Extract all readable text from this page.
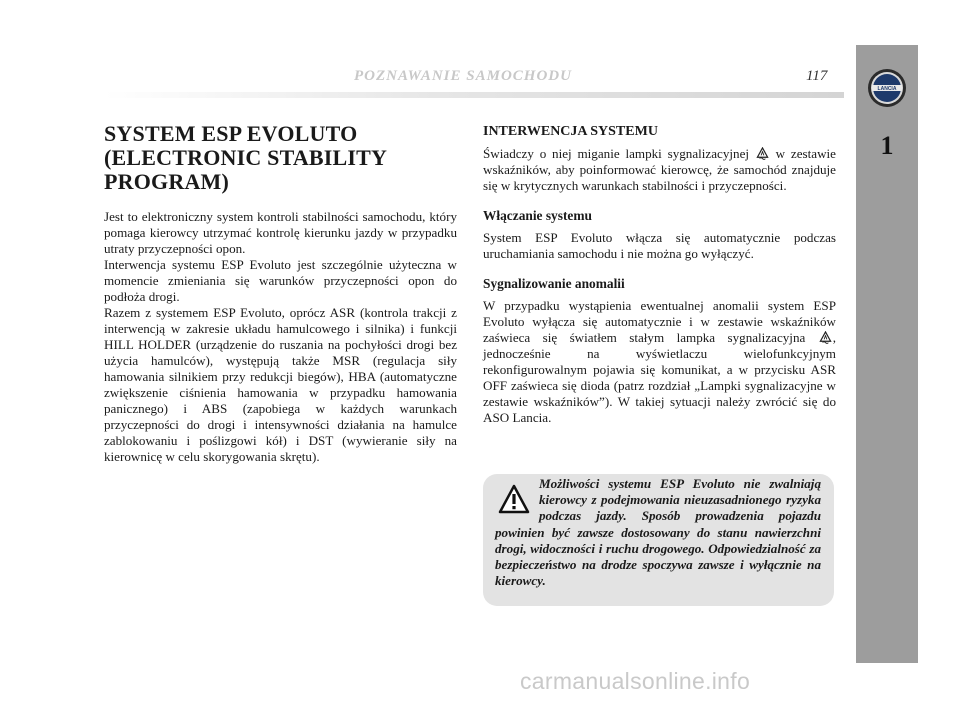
POZNAWANIE SAMOCHODU	117
LANCIA
1
SYSTEM ESP EVOLUTO
(ELECTRONIC STABILITY
PROGRAM)

Jest to elektroniczny system kontroli stabilności samochodu, który pomaga kierowcy utrzymać kontrolę kierunku jazdy w przypadku utraty przyczepności opon.
Interwencja systemu ESP Evoluto jest szczególnie użyteczna w momencie zmieniania się warunków przyczepności opon do podłoża drogi.
Razem z systemem ESP Evoluto, oprócz ASR (kontrola trakcji z interwencją w zakresie układu hamulcowego i silnika) i funkcji HILL HOLDER (urządzenie do ruszania na pochyłości drogi bez użycia hamulców), występują także MSR (regulacja siły hamowania silnikiem przy redukcji biegów), HBA (automatyczne zwiększenie ciśnienia hamowania w przypadku hamowania panicznego) i ABS (zapobiega w każdych warunkach przyczepności do drogi i intensywności działania na hamulce zablokowaniu i poślizgowi kół) i DST (wywieranie siły na kierownicę w celu skorygowania skrętu).

INTERWENCJA SYSTEMU

Świadczy o niej miganie lampki sygnalizacyjnej w zestawie wskaźników, aby poinformować kierowcę, że samochód znajduje się w krytycznych warunkach stabilności i przyczepności.

Włączanie systemu

System ESP Evoluto włącza się automatycznie podczas uruchamiania samochodu i nie można go wyłączyć.

Sygnalizowanie anomalii

W przypadku wystąpienia ewentualnej anomalii system ESP Evoluto wyłącza się automatycznie i w zestawie wskaźników zaświeca się światłem stałym lampka sygnalizacyjna , jednocześnie na wyświetlaczu wielofunkcyjnym rekonfigurowalnym pojawia się komunikat, a w przycisku ASR OFF zaświeca się dioda (patrz rozdział „Lampki sygnalizacyjne w zestawie wskaźników”). W takiej sytuacji należy zwrócić się do ASO Lancia.

Możliwości systemu ESP Evoluto nie zwalniają kierowcy z podejmowania nieuzasadnionego ryzyka podczas jazdy. Sposób prowadzenia pojazdu powinien być zawsze dostosowany do stanu nawierzchni drogi, widoczności i ruchu drogowego. Odpowiedzialność za bezpieczeństwo na drodze spoczywa zawsze i wyłącznie na kierowcy.

carmanualsonline.info
